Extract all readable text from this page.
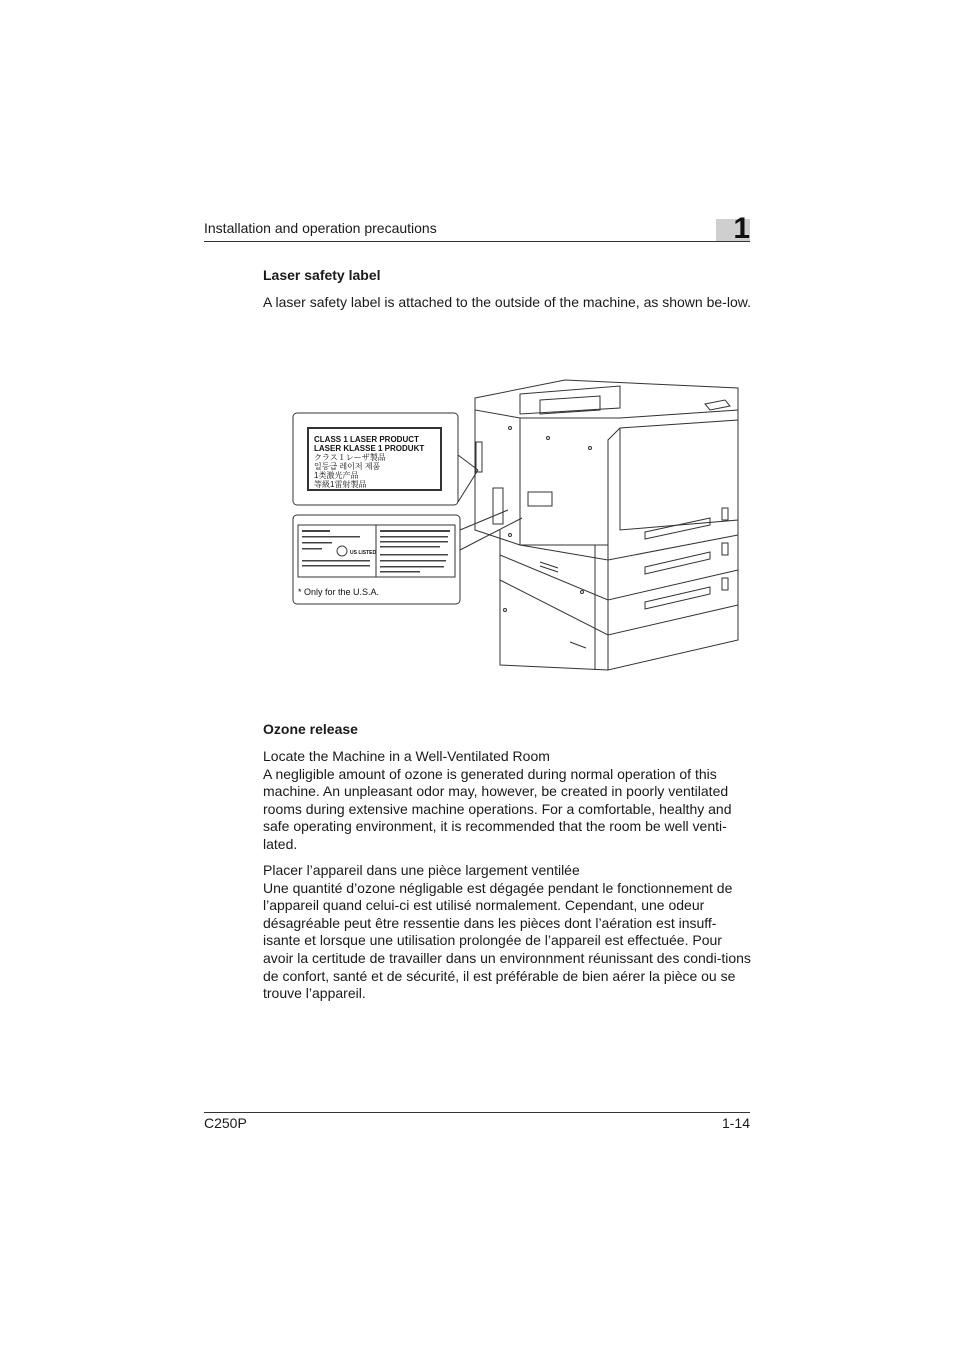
Installation and operation precautions	1
Laser safety label

A laser safety label is attached to the outside of the machine, as shown be-low.

CLASS 1 LASER PRODUCT
LASER KLASSE 1 PRODUKT
クラス１レーザ製品
일등급 레이저 제품
1类激光产品
等級1雷射製品
US LISTED
* Only for the U.S.A.
Ozone release

Locate the Machine in a Well-Ventilated Room

A negligible amount of ozone is generated during normal operation of this machine. An unpleasant odor may, however, be created in poorly ventilated rooms during extensive machine operations. For a comfortable, healthy and safe operating environment, it is recommended that the room be well venti-lated.

Placer l’appareil dans une pièce largement ventilée

Une quantité d’ozone négligable est dégagée pendant le fonctionnement de l’appareil quand celui-ci est utilisé normalement. Cependant, une odeur désagréable peut être ressentie dans les pièces dont l’aération est insuff-isante et lorsque une utilisation prolongée de l’appareil est effectuée. Pour avoir la certitude de travailler dans un environnment réunissant des condi-tions de confort, santé et de sécurité, il est préférable de bien aérer la pièce ou se trouve l’appareil.

C250P	1-14
